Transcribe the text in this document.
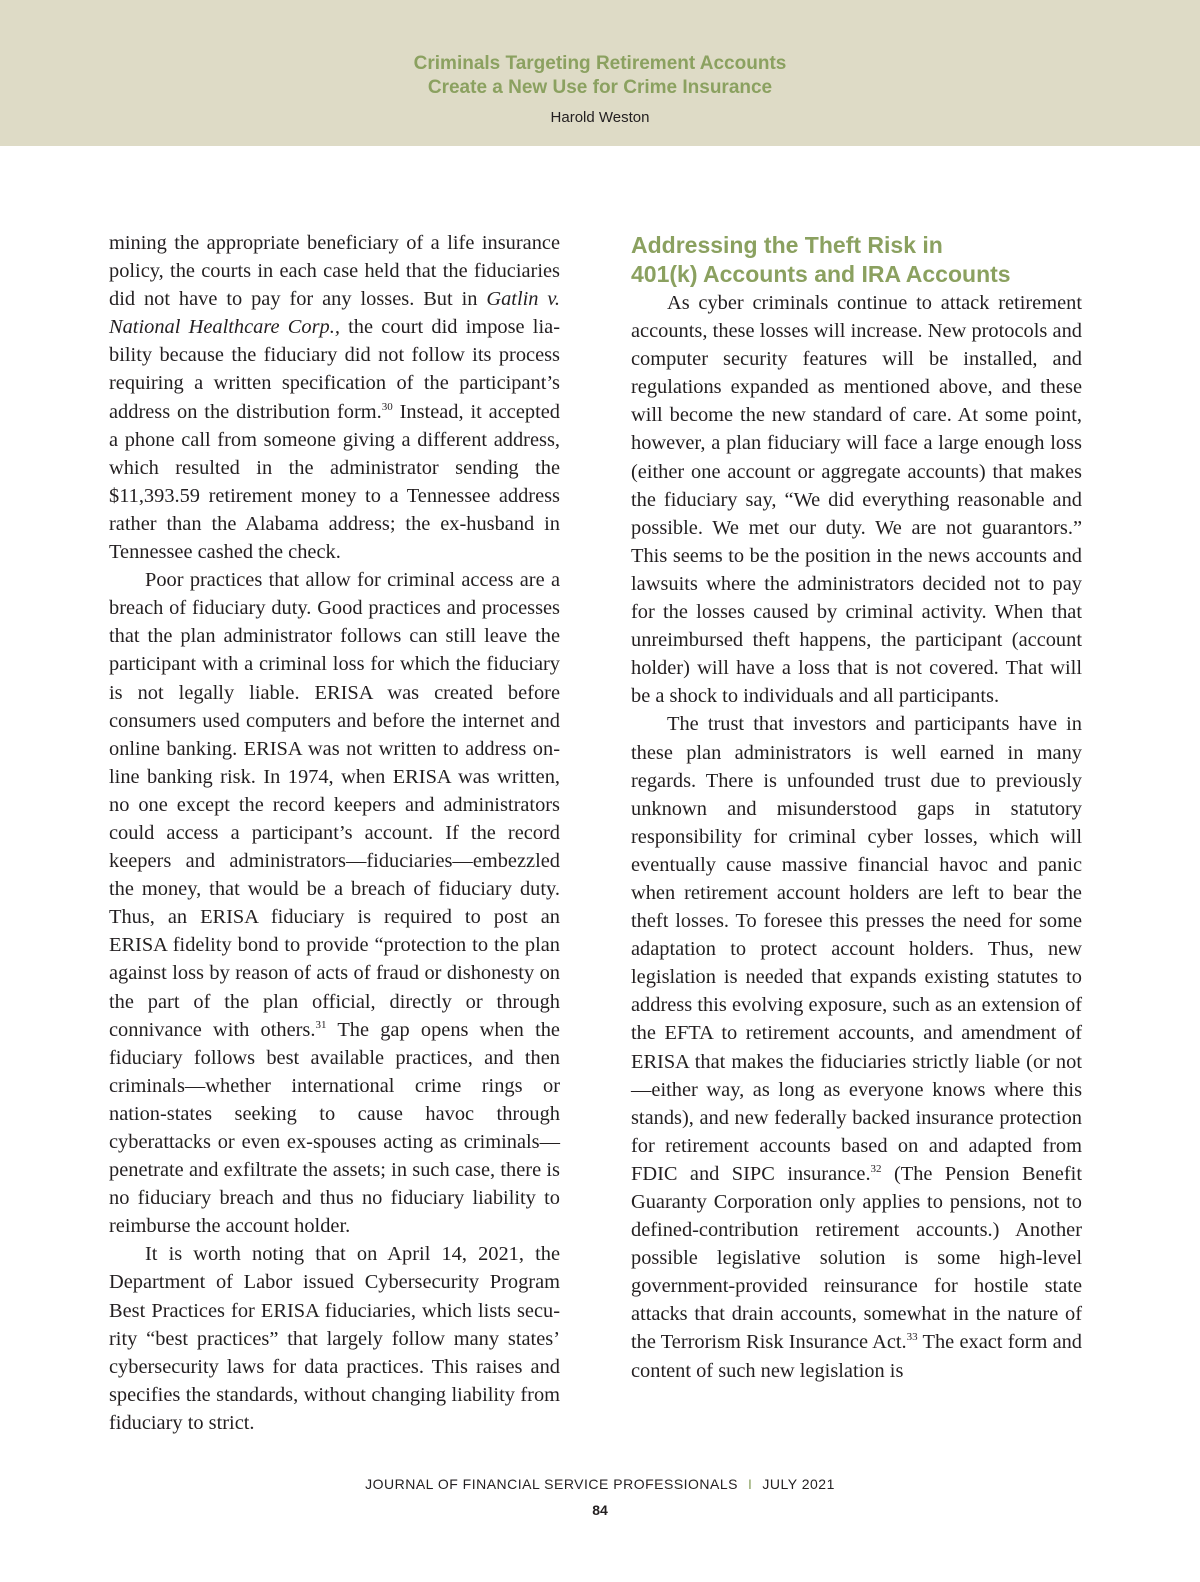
Criminals Targeting Retirement Accounts
Create a New Use for Crime Insurance
Harold Weston

mining the appropriate beneficiary of a life insurance policy, the courts in each case held that the fiduciaries did not have to pay for any losses. But in Gatlin v. National Healthcare Corp., the court did impose liability because the fiduciary did not follow its process requiring a written specification of the participant’s address on the distribution form.$^{30}$ Instead, it accepted a phone call from someone giving a different address, which resulted in the administrator sending the $11,393.59 retirement money to a Tennessee address rather than the Alabama address; the ex-husband in Tennessee cashed the check.

Poor practices that allow for criminal access are a breach of fiduciary duty. Good practices and processes that the plan administrator follows can still leave the participant with a criminal loss for which the fiduciary is not legally liable. ERISA was created before consumers used computers and before the internet and online banking. ERISA was not written to address online banking risk. In 1974, when ERISA was written, no one except the record keepers and administrators could access a participant’s account. If the record keepers and administrators—fiduciaries—embezzled the money, that would be a breach of fiduciary duty. Thus, an ERISA fiduciary is required to post an ERISA fidelity bond to provide “protection to the plan against loss by reason of acts of fraud or dishonesty on the part of the plan official, directly or through connivance with others.$^{31}$ The gap opens when the fiduciary follows best available practices, and then criminals—whether international crime rings or nation-states seeking to cause havoc through cyberattacks or even ex-spouses acting as criminals—penetrate and exfiltrate the assets; in such case, there is no fiduciary breach and thus no fiduciary liability to reimburse the account holder.

It is worth noting that on April 14, 2021, the Department of Labor issued Cybersecurity Program Best Practices for ERISA fiduciaries, which lists security “best practices” that largely follow many states’ cybersecurity laws for data practices. This raises and specifies the standards, without changing liability from fiduciary to strict.

Addressing the Theft Risk in
401(k) Accounts and IRA Accounts

As cyber criminals continue to attack retirement accounts, these losses will increase. New protocols and computer security features will be installed, and regulations expanded as mentioned above, and these will become the new standard of care. At some point, however, a plan fiduciary will face a large enough loss (either one account or aggregate accounts) that makes the fiduciary say, “We did everything reasonable and possible. We met our duty. We are not guarantors.” This seems to be the position in the news accounts and lawsuits where the administrators decided not to pay for the losses caused by criminal activity. When that unreimbursed theft happens, the participant (account holder) will have a loss that is not covered. That will be a shock to individuals and all participants.

The trust that investors and participants have in these plan administrators is well earned in many regards. There is unfounded trust due to previously unknown and misunderstood gaps in statutory responsibility for criminal cyber losses, which will eventually cause massive financial havoc and panic when retirement account holders are left to bear the theft losses. To foresee this presses the need for some adaptation to protect account holders. Thus, new legislation is needed that expands existing statutes to address this evolving exposure, such as an extension of the EFTA to retirement accounts, and amendment of ERISA that makes the fiduciaries strictly liable (or not—either way, as long as everyone knows where this stands), and new federally backed insurance protection for retirement accounts based on and adapted from FDIC and SIPC insurance.$^{32}$ (The Pension Benefit Guaranty Corporation only applies to pensions, not to defined-contribution retirement accounts.) Another possible legislative solution is some high-level government-provided reinsurance for hostile state attacks that drain accounts, somewhat in the nature of the Terrorism Risk Insurance Act.$^{33}$ The exact form and content of such new legislation is

JOURNAL OF FINANCIAL SERVICE PROFESSIONALS I JULY 2021
84
